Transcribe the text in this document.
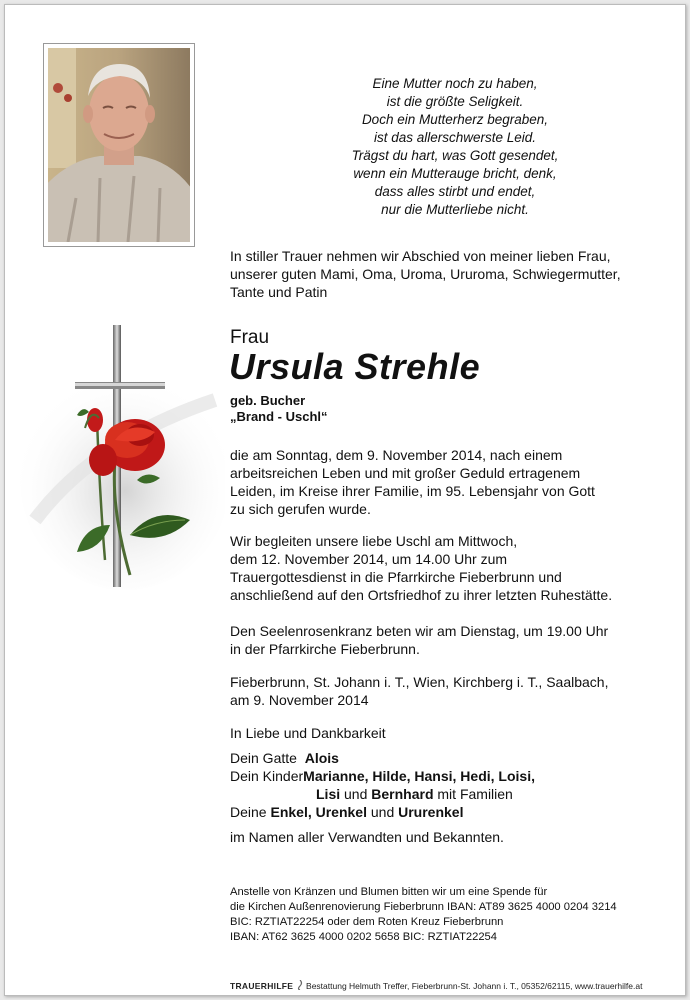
Eine Mutter noch zu haben,
ist die größte Seligkeit.
Doch ein Mutterherz begraben,
ist das allerschwerste Leid.
Trägst du hart, was Gott gesendet,
wenn ein Mutterauge bricht, denk,
dass alles stirbt und endet,
nur die Mutterliebe nicht.
In stiller Trauer nehmen wir Abschied von meiner lieben Frau,
unserer guten Mami, Oma, Uroma, Ururoma, Schwiegermutter,
Tante und Patin
Frau
Ursula Strehle
geb. Bucher
„Brand - Uschl“
die am Sonntag, dem 9. November 2014, nach einem
arbeitsreichen Leben und mit großer Geduld ertragenem
Leiden, im Kreise ihrer Familie, im 95. Lebensjahr von Gott
zu sich gerufen wurde.
Wir begleiten unsere liebe Uschl am Mittwoch,
dem 12. November 2014, um 14.00 Uhr zum
Trauergottesdienst in die Pfarrkirche Fieberbrunn und
anschließend auf den Ortsfriedhof zu ihrer letzten Ruhestätte.
Den Seelenrosenkranz beten wir am Dienstag, um 19.00 Uhr
in der Pfarrkirche Fieberbrunn.
Fieberbrunn, St. Johann i. T., Wien, Kirchberg i. T., Saalbach,
am 9. November 2014
In Liebe und Dankbarkeit
Dein Gatte Alois
Dein KinderMarianne, Hilde, Hansi, Hedi, Loisi,
Lisi und Bernhard mit Familien
Deine Enkel, Urenkel und Ururenkel
im Namen aller Verwandten und Bekannten.
Anstelle von Kränzen und Blumen bitten wir um eine Spende für
die Kirchen Außenrenovierung Fieberbrunn IBAN: AT89 3625 4000 0204 3214
BIC: RZTIAT22254 oder dem Roten Kreuz Fieberbrunn
IBAN: AT62 3625 4000 0202 5658 BIC: RZTIAT22254
TRAUERHILFE Bestattung Helmuth Treffer, Fieberbrunn-St. Johann i. T., 05352/62115, www.trauerhilfe.at
